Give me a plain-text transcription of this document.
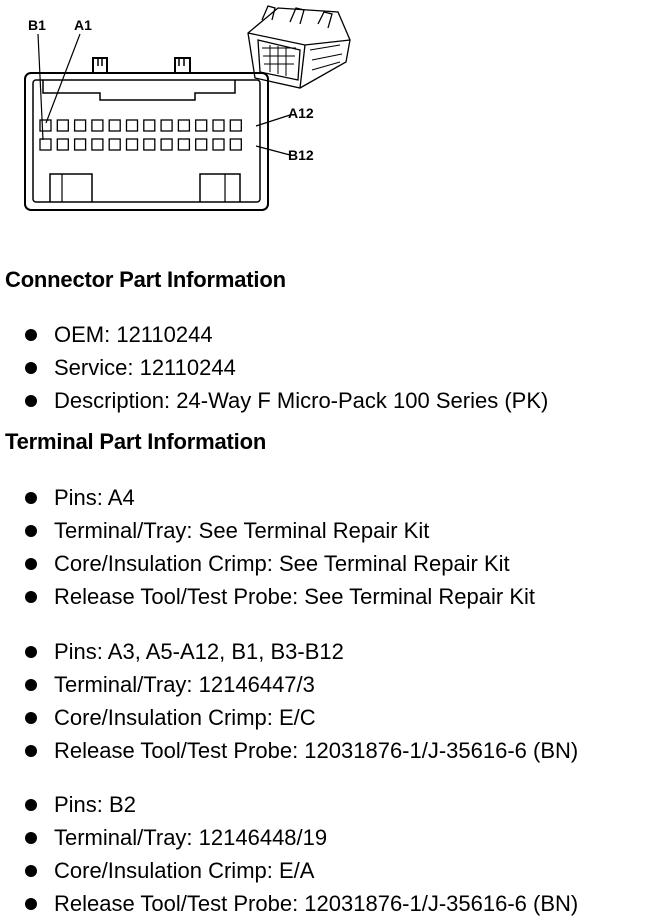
B1 A1
A12
B12
Connector Part Information
OEM: 12110244
Service: 12110244
Description: 24-Way F Micro-Pack 100 Series (PK)
Terminal Part Information
Pins: A4
Terminal/Tray: See Terminal Repair Kit
Core/Insulation Crimp: See Terminal Repair Kit
Release Tool/Test Probe: See Terminal Repair Kit
Pins: A3, A5-A12, B1, B3-B12
Terminal/Tray: 12146447/3
Core/Insulation Crimp: E/C
Release Tool/Test Probe: 12031876-1/J-35616-6 (BN)
Pins: B2
Terminal/Tray: 12146448/19
Core/Insulation Crimp: E/A
Release Tool/Test Probe: 12031876-1/J-35616-6 (BN)
